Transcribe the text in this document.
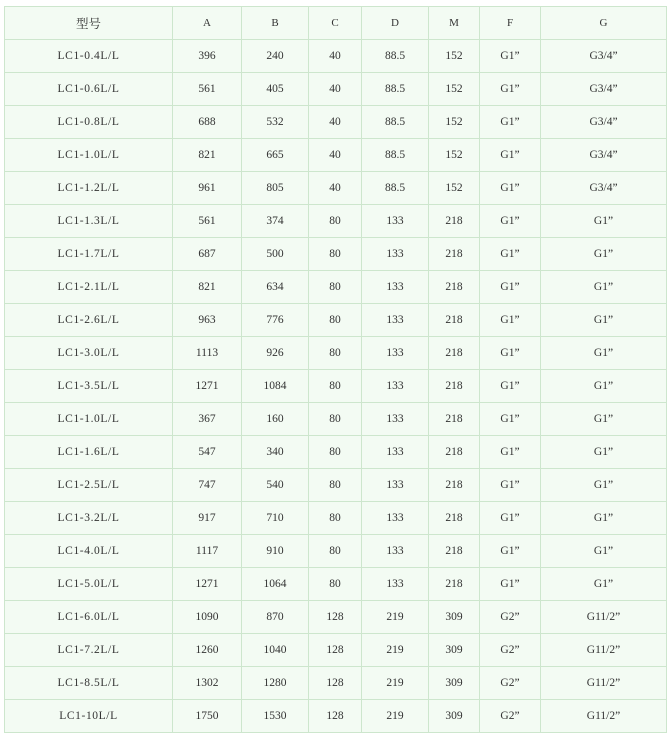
型号	A	B	C	D	M	F	G
LC1-0.4L/L	396	240	40	88.5	152	G1”	G3/4”
LC1-0.6L/L	561	405	40	88.5	152	G1”	G3/4”
LC1-0.8L/L	688	532	40	88.5	152	G1”	G3/4”
LC1-1.0L/L	821	665	40	88.5	152	G1”	G3/4”
LC1-1.2L/L	961	805	40	88.5	152	G1”	G3/4”
LC1-1.3L/L	561	374	80	133	218	G1”	G1”
LC1-1.7L/L	687	500	80	133	218	G1”	G1”
LC1-2.1L/L	821	634	80	133	218	G1”	G1”
LC1-2.6L/L	963	776	80	133	218	G1”	G1”
LC1-3.0L/L	1113	926	80	133	218	G1”	G1”
LC1-3.5L/L	1271	1084	80	133	218	G1”	G1”
LC1-1.0L/L	367	160	80	133	218	G1”	G1”
LC1-1.6L/L	547	340	80	133	218	G1”	G1”
LC1-2.5L/L	747	540	80	133	218	G1”	G1”
LC1-3.2L/L	917	710	80	133	218	G1”	G1”
LC1-4.0L/L	1117	910	80	133	218	G1”	G1”
LC1-5.0L/L	1271	1064	80	133	218	G1”	G1”
LC1-6.0L/L	1090	870	128	219	309	G2”	G11/2”
LC1-7.2L/L	1260	1040	128	219	309	G2”	G11/2”
LC1-8.5L/L	1302	1280	128	219	309	G2”	G11/2”
LC1-10L/L	1750	1530	128	219	309	G2”	G11/2”
